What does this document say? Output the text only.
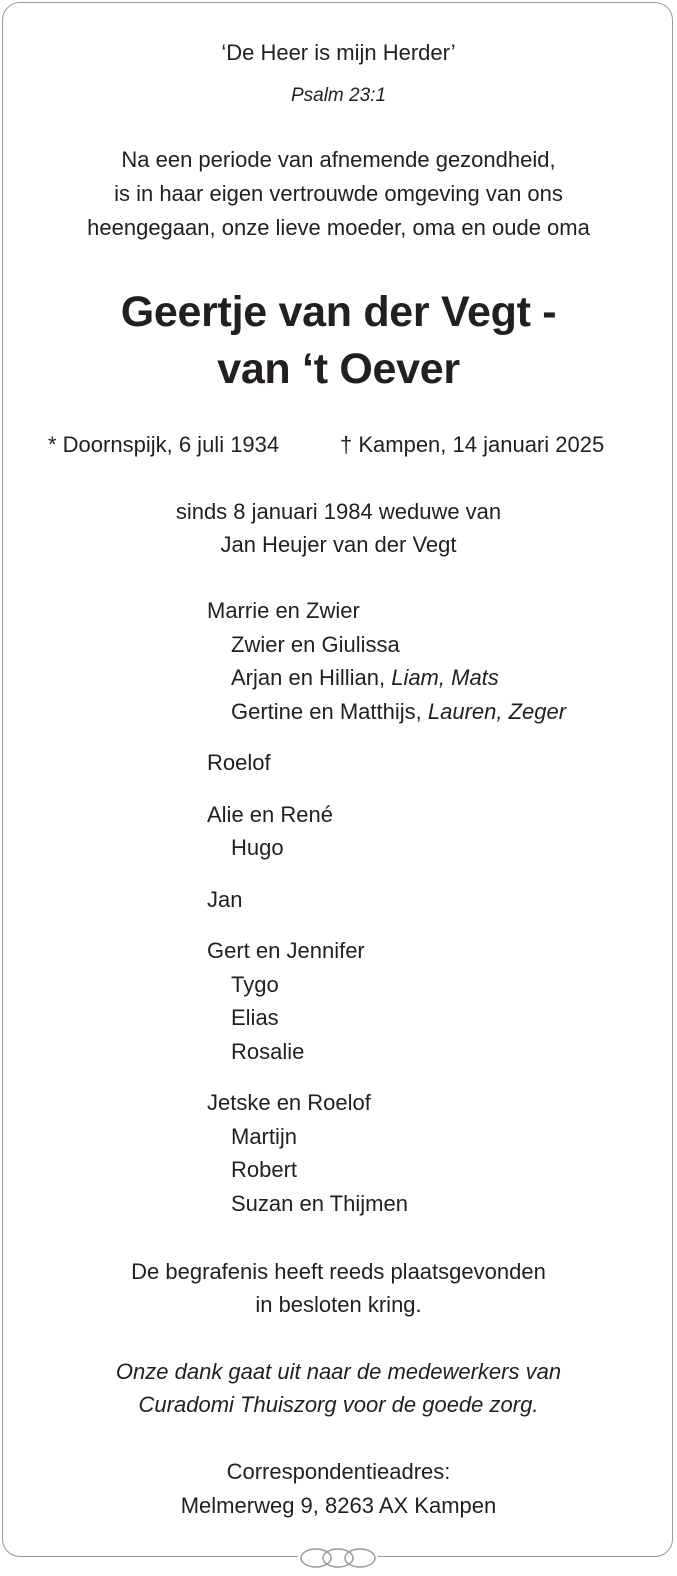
‘De Heer is mijn Herder’
Psalm 23:1
Na een periode van afnemende gezondheid,
is in haar eigen vertrouwde omgeving van ons
heengegaan, onze lieve moeder, oma en oude oma
Geertje van der Vegt -
van ‘t Oever
* Doornspijk, 6 juli 1934	† Kampen, 14 januari 2025
sinds 8 januari 1984 weduwe van
Jan Heujer van der Vegt
Marrie en Zwier
Zwier en Giulissa
Arjan en Hillian, Liam, Mats
Gertine en Matthijs, Lauren, Zeger
Roelof
Alie en René
Hugo
Jan
Gert en Jennifer
Tygo
Elias
Rosalie
Jetske en Roelof
Martijn
Robert
Suzan en Thijmen
De begrafenis heeft reeds plaatsgevonden
in besloten kring.
Onze dank gaat uit naar de medewerkers van
Curadomi Thuiszorg voor de goede zorg.
Correspondentieadres:
Melmerweg 9, 8263 AX Kampen
